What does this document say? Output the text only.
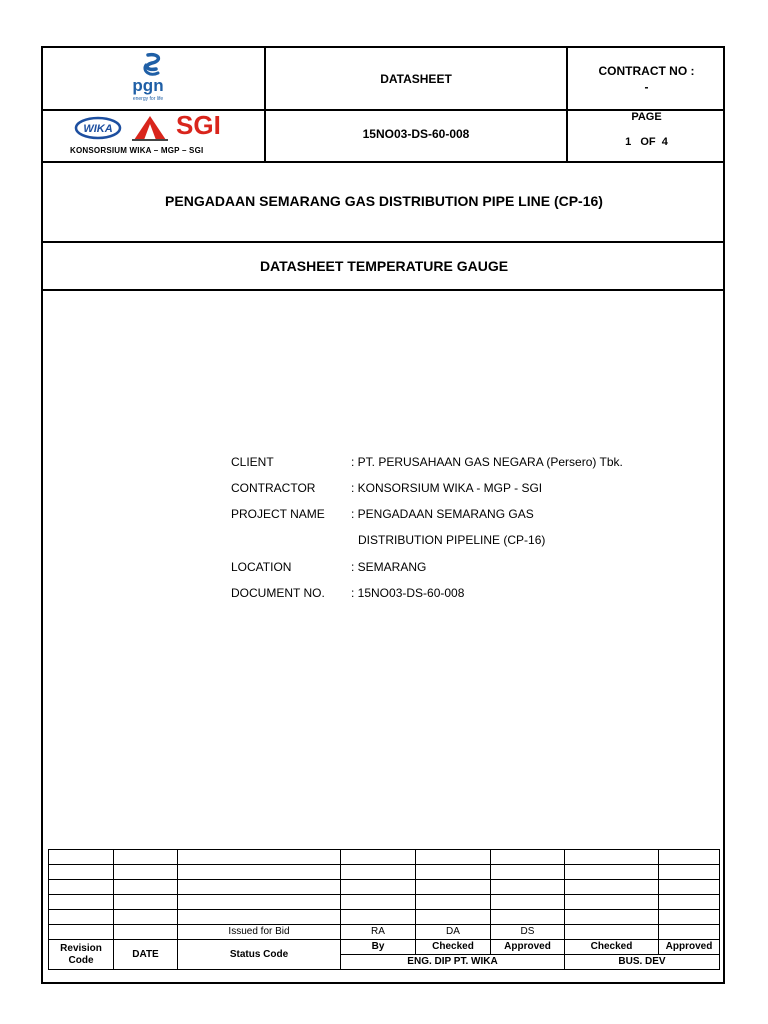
pgn
energy for life
DATASHEET
CONTRACT NO :
-
WIKA SGI
KONSORSIUM WIKA – MGP – SGI
15NO03-DS-60-008
PAGE
1   OF  4
PENGADAAN SEMARANG GAS DISTRIBUTION PIPE LINE (CP-16)
DATASHEET TEMPERATURE GAUGE
CLIENT	: PT. PERUSAHAAN GAS NEGARA (Persero) Tbk.
CONTRACTOR	: KONSORSIUM WIKA - MGP - SGI
PROJECT NAME : PENGADAAN SEMARANG GAS
DISTRIBUTION PIPELINE (CP-16)
LOCATION	: SEMARANG
DOCUMENT NO. : 15NO03-DS-60-008

		Issued for Bid	RA	DA	DS		
Revision Code	DATE	Status Code	By	Checked	Approved	Checked	Approved
			ENG. DIP PT. WIKA			BUS. DEV	
